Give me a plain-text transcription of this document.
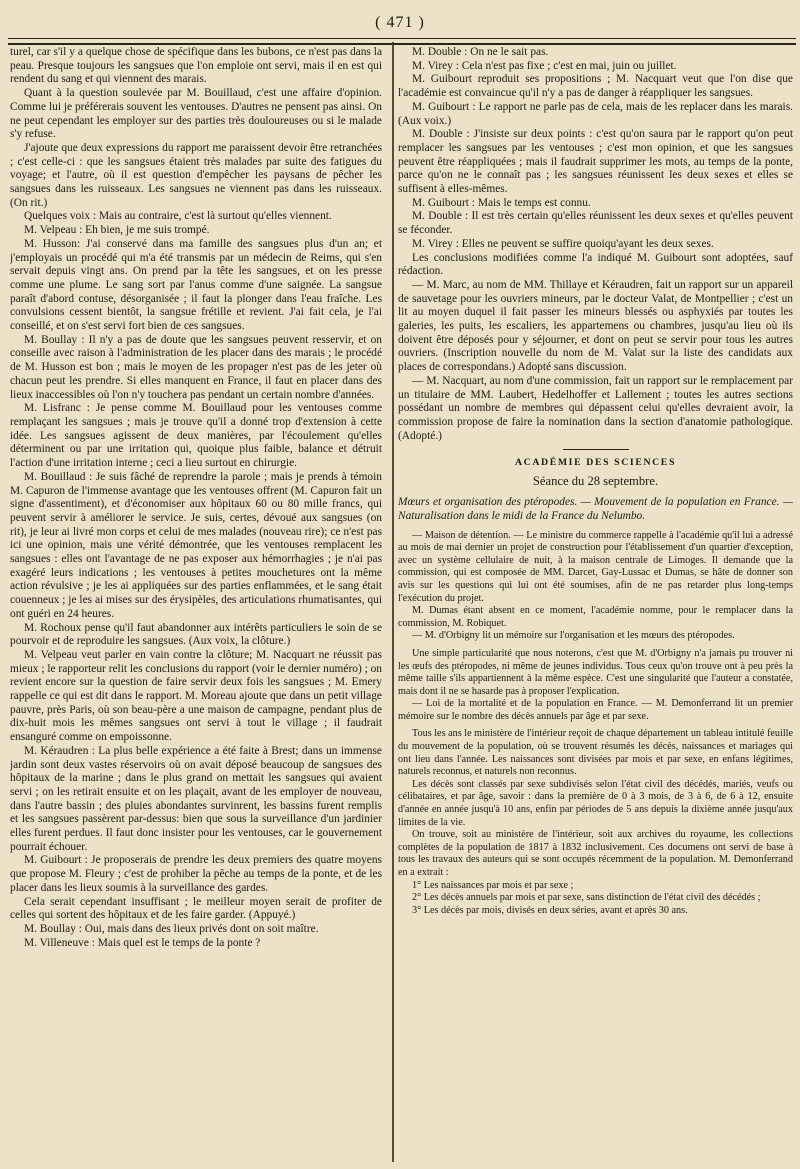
( 471 )

turel, car s'il y a quelque chose de spécifique dans les bubons, ce n'est pas dans la peau. Presque toujours les sangsues que l'on emploie ont servi, mais il en est qui rendent du sang et qui viennent des marais.

Quant à la question soulevée par M. Bouillaud, c'est une affaire d'opinion. Comme lui je préférerais souvent les ventouses. D'autres ne pensent pas ainsi. On ne peut cependant les employer sur des parties très douloureuses ou si le malade s'y refuse.

J'ajoute que deux expressions du rapport me paraissent devoir être retranchées ; c'est celle-ci : que les sangsues étaient très malades par suite des fatigues du voyage; et l'autre, où il est question d'empêcher les paysans de pêcher les sangsues dans les ruisseaux. Les sangsues ne viennent pas dans les ruisseaux. (On rit.)

Quelques voix : Mais au contraire, c'est là surtout qu'elles viennent.

M. Velpeau : Eh bien, je me suis trompé.

M. Husson: J'ai conservé dans ma famille des sangsues plus d'un an; et j'employais un procédé qui m'a été transmis par un médecin de Reims, qui s'en servait depuis vingt ans. On prend par la tête les sangsues, et on les presse comme une plume. Le sang sort par l'anus comme d'une saignée. La sangsue paraît d'abord contuse, désorganisée ; il faut la plonger dans l'eau fraîche. Les convulsions cessent bientôt, la sangsue frétille et revient. J'ai fait cela, je l'ai conseillé, et on s'est servi fort bien de ces sangsues.

M. Boullay : Il n'y a pas de doute que les sangsues peuvent resservir, et on conseille avec raison à l'administration de les placer dans des marais ; le procédé de M. Husson est bon ; mais le moyen de les propager n'est pas de les jeter où chacun peut les prendre. Si elles manquent en France, il faut en placer dans des lieux inaccessibles où l'on n'y touchera pas pendant un certain nombre d'années.

M. Lisfranc : Je pense comme M. Bouillaud pour les ventouses comme remplaçant les sangsues ; mais je trouve qu'il a donné trop d'extension à cette idée. Les sangsues agissent de deux manières, par l'écoulement qu'elles déterminent ou par une irritation qui, quoique plus faible, balance et détruit l'action d'une irritation interne ; ceci a lieu surtout en chirurgie.

M. Bouillaud : Je suis fâché de reprendre la parole ; mais je prends à témoin M. Capuron de l'immense avantage que les ventouses offrent (M. Capuron fait un signe d'assentiment), et d'économiser aux hôpitaux 60 ou 80 mille francs, qui peuvent servir à améliorer le service. Je suis, certes, dévoué aux sangsues (on rit), je leur ai livré mon corps et celui de mes malades (nouveau rire); ce n'est pas ici une opinion, mais une vérité démontrée, que les ventouses remplacent les sangsues : elles ont l'avantage de ne pas exposer aux hémorrhagies ; je n'ai pas exagéré leurs indications ; les ventouses à petites mouchetures ont la même action révulsive ; je les ai appliquées sur des parties enflammées, et le sang était couenneux ; je les ai mises sur des érysipèles, des articulations rhumatisantes, qui ont guéri en 24 heures.

M. Rochoux pense qu'il faut abandonner aux intérêts particuliers le soin de se pourvoir et de reproduire les sangsues. (Aux voix, la clôture.)

M. Velpeau veut parler en vain contre la clôture; M. Nacquart ne réussit pas mieux ; le rapporteur relit les conclusions du rapport (voir le dernier numéro) ; on revient encore sur la question de faire servir deux fois les sangsues ; M. Emery rappelle ce qui est dit dans le rapport. M. Moreau ajoute que dans un petit village pauvre, près Paris, où son beau-père a une maison de campagne, pendant plus de dix-huit mois les mêmes sangsues ont servi à tout le village ; il faudrait ensanguré comme on empoissonne.

M. Kéraudren : La plus belle expérience a été faite à Brest; dans un immense jardin sont deux vastes réservoirs où on avait déposé beaucoup de sangsues des hôpitaux de la marine ; dans le plus grand on mettait les sangsues qui avaient servi ; on les retirait ensuite et on les plaçait, avant de les employer de nouveau, dans l'autre bassin ; des pluies abondantes survinrent, les bassins furent remplis et les sangsues passèrent par-dessus: bien que sous la surveillance d'un jardinier elles furent perdues. Il faut donc insister pour les ventouses, car le gouvernement pourrait échouer.

M. Guibourt : Je proposerais de prendre les deux premiers des quatre moyens que propose M. Fleury ; c'est de prohiber la pêche au temps de la ponte, et de les placer dans les lieux soumis à la surveillance des gardes.

Cela serait cependant insuffisant ; le meilleur moyen serait de profiter de celles qui sortent des hôpitaux et de les faire garder. (Appuyé.)

M. Boullay : Oui, mais dans des lieux privés dont on soit maître.

M. Villeneuve : Mais quel est le temps de la ponte ?

M. Double : On ne le sait pas.

M. Virey : Cela n'est pas fixe ; c'est en mai, juin ou juillet.

M. Guibourt reproduit ses propositions ; M. Nacquart veut que l'on dise que l'académie est convaincue qu'il n'y a pas de danger à réappliquer les sangsues.

M. Guibourt : Le rapport ne parle pas de cela, mais de les replacer dans les marais. (Aux voix.)

M. Double : J'insiste sur deux points : c'est qu'on saura par le rapport qu'on peut remplacer les sangsues par les ventouses ; c'est mon opinion, et que les sangsues peuvent être réappliquées ; mais il faudrait supprimer les mots, au temps de la ponte, parce qu'on ne le connaît pas ; les sangsues réunissent les deux sexes et elles se suffisent à elles-mêmes.

M. Guibourt : Mais le temps est connu.

M. Double : Il est très certain qu'elles réunissent les deux sexes et qu'elles peuvent se féconder.

M. Virey : Elles ne peuvent se suffire quoiqu'ayant les deux sexes.

Les conclusions modifiées comme l'a indiqué M. Guibourt sont adoptées, sauf rédaction.

— M. Marc, au nom de MM. Thillaye et Kéraudren, fait un rapport sur un appareil de sauvetage pour les ouvriers mineurs, par le docteur Valat, de Montpellier ; c'est un lit au moyen duquel il fait passer les mineurs blessés ou asphyxiés par toutes les galeries, les puits, les escaliers, les appartemens ou chambres, jusqu'au lieu où ils doivent être déposés pour y séjourner, et dont on peut se servir pour tous les autres ouvriers. (Inscription nouvelle du nom de M. Valat sur la liste des candidats aux places de correspondans.) Adopté sans discussion.

— M. Nacquart, au nom d'une commission, fait un rapport sur le remplacement par un titulaire de MM. Laubert, Hedelhoffer et Lallement ; toutes les autres sections possédant un nombre de membres qui dépassent celui qu'elles devraient avoir, la commission propose de faire la nomination dans la section d'anatomie pathologique. (Adopté.)

ACADÉMIE DES SCIENCES
Séance du 28 septembre.
Mœurs et organisation des ptéropodes. — Mouvement de la population en France. — Naturalisation dans le midi de la France du Nelumbo.

— Maison de détention. — Le ministre du commerce rappelle à l'académie qu'il lui a adressé au mois de mai dernier un projet de construction pour l'établissement d'un quartier d'exception, avec un système cellulaire de nuit, à la maison centrale de Limoges. Il demande que la commission, qui est composée de MM. Darcet, Gay-Lussac et Dumas, se hâte de donner son avis sur les questions qui lui ont été soumises, afin de ne pas retarder plus long-temps l'exécution du projet.

M. Dumas étant absent en ce moment, l'académie nomme, pour le remplacer dans la commission, M. Robiquet.

— M. d'Orbigny lit un mémoire sur l'organisation et les mœurs des ptéropodes.

Une simple particularité que nous noterons, c'est que M. d'Orbigny n'a jamais pu trouver ni les œufs des ptéropodes, ni même de jeunes individus. Tous ceux qu'on trouve ont à peu près la même taille s'ils appartiennent à la même espèce. C'est une singularité que l'auteur a constatée, mais dont il ne se hasarde pas à proposer l'explication.

— Loi de la mortalité et de la population en France. — M. Demonferrand lit un premier mémoire sur le nombre des décès annuels par âge et par sexe.

Tous les ans le ministère de l'intérieur reçoit de chaque département un tableau intitulé feuille du mouvement de la population, où se trouvent résumés les décès, naissances et mariages qui ont lieu dans l'année. Les naissances sont divisées par mois et par sexe, en enfans légitimes, naturels reconnus, et naturels non reconnus.

Les décès sont classés par sexe subdivisés selon l'état civil des décédés, mariés, veufs ou célibataires, et par âge, savoir : dans la première de 0 à 3 mois, de 3 à 6, de 6 à 12, ensuite d'année en année jusqu'à 10 ans, enfin par périodes de 5 ans depuis la dixième année jusqu'aux limites de la vie.

On trouve, soit au ministère de l'intérieur, soit aux archives du royaume, les collections complètes de la population de 1817 à 1832 inclusivement. Ces documens ont servi de base à tous les travaux des auteurs qui se sont occupés récemment de la population. M. Demonferrand en a extrait :

1° Les naissances par mois et par sexe ;

2° Les décès annuels par mois et par sexe, sans distinction de l'état civil des décédés ;

3° Les décès par mois, divisés en deux séries, avant et après 30 ans.
